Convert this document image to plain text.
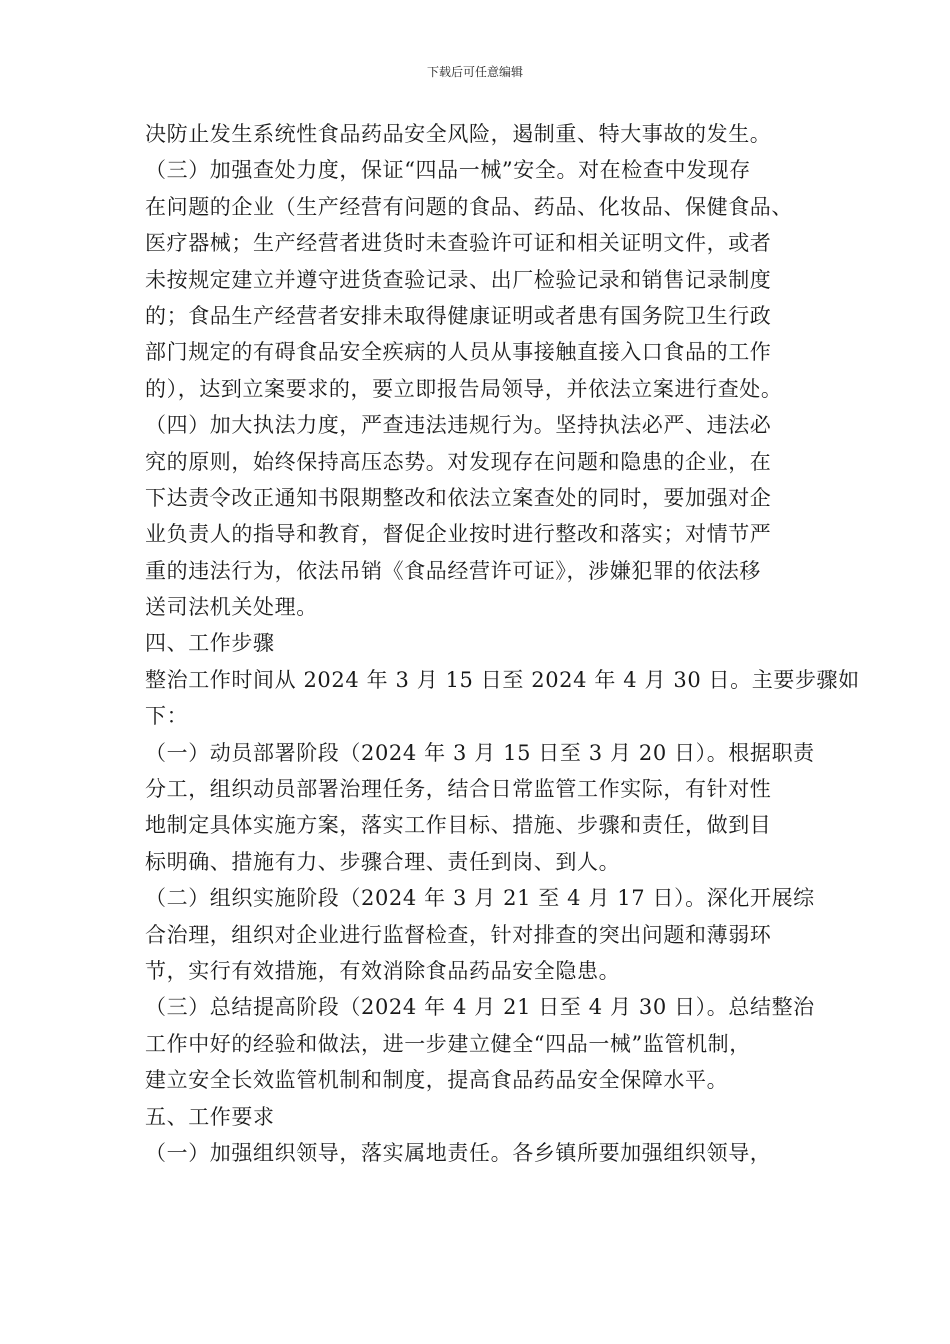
下载后可任意编辑
决防止发生系统性食品药品安全风险，遏制重、特大事故的发生。
（三）加强查处力度，保证“四品一械”安全。对在检查中发现存
在问题的企业（生产经营有问题的食品、药品、化妆品、保健食品、
医疗器械；生产经营者进货时未查验许可证和相关证明文件，或者
未按规定建立并遵守进货查验记录、出厂检验记录和销售记录制度
的；食品生产经营者安排未取得健康证明或者患有国务院卫生行政
部门规定的有碍食品安全疾病的人员从事接触直接入口食品的工作
的），达到立案要求的，要立即报告局领导，并依法立案进行查处。
（四）加大执法力度，严查违法违规行为。坚持执法必严、违法必
究的原则，始终保持高压态势。对发现存在问题和隐患的企业，在
下达责令改正通知书限期整改和依法立案查处的同时，要加强对企
业负责人的指导和教育，督促企业按时进行整改和落实；对情节严
重的违法行为，依法吊销《食品经营许可证》，涉嫌犯罪的依法移
送司法机关处理。
四、工作步骤
整治工作时间从 2024 年 3 月 15 日至 2024 年 4 月 30 日。主要步骤如
下：
（一）动员部署阶段（2024 年 3 月 15 日至 3 月 20 日）。根据职责
分工，组织动员部署治理任务，结合日常监管工作实际，有针对性
地制定具体实施方案，落实工作目标、措施、步骤和责任，做到目
标明确、措施有力、步骤合理、责任到岗、到人。
（二）组织实施阶段（2024 年 3 月 21 至 4 月 17 日）。深化开展综
合治理，组织对企业进行监督检查，针对排查的突出问题和薄弱环
节，实行有效措施，有效消除食品药品安全隐患。
（三）总结提高阶段（2024 年 4 月 21 日至 4 月 30 日）。总结整治
工作中好的经验和做法，进一步建立健全“四品一械”监管机制，
建立安全长效监管机制和制度，提高食品药品安全保障水平。
五、工作要求
（一）加强组织领导，落实属地责任。各乡镇所要加强组织领导，
